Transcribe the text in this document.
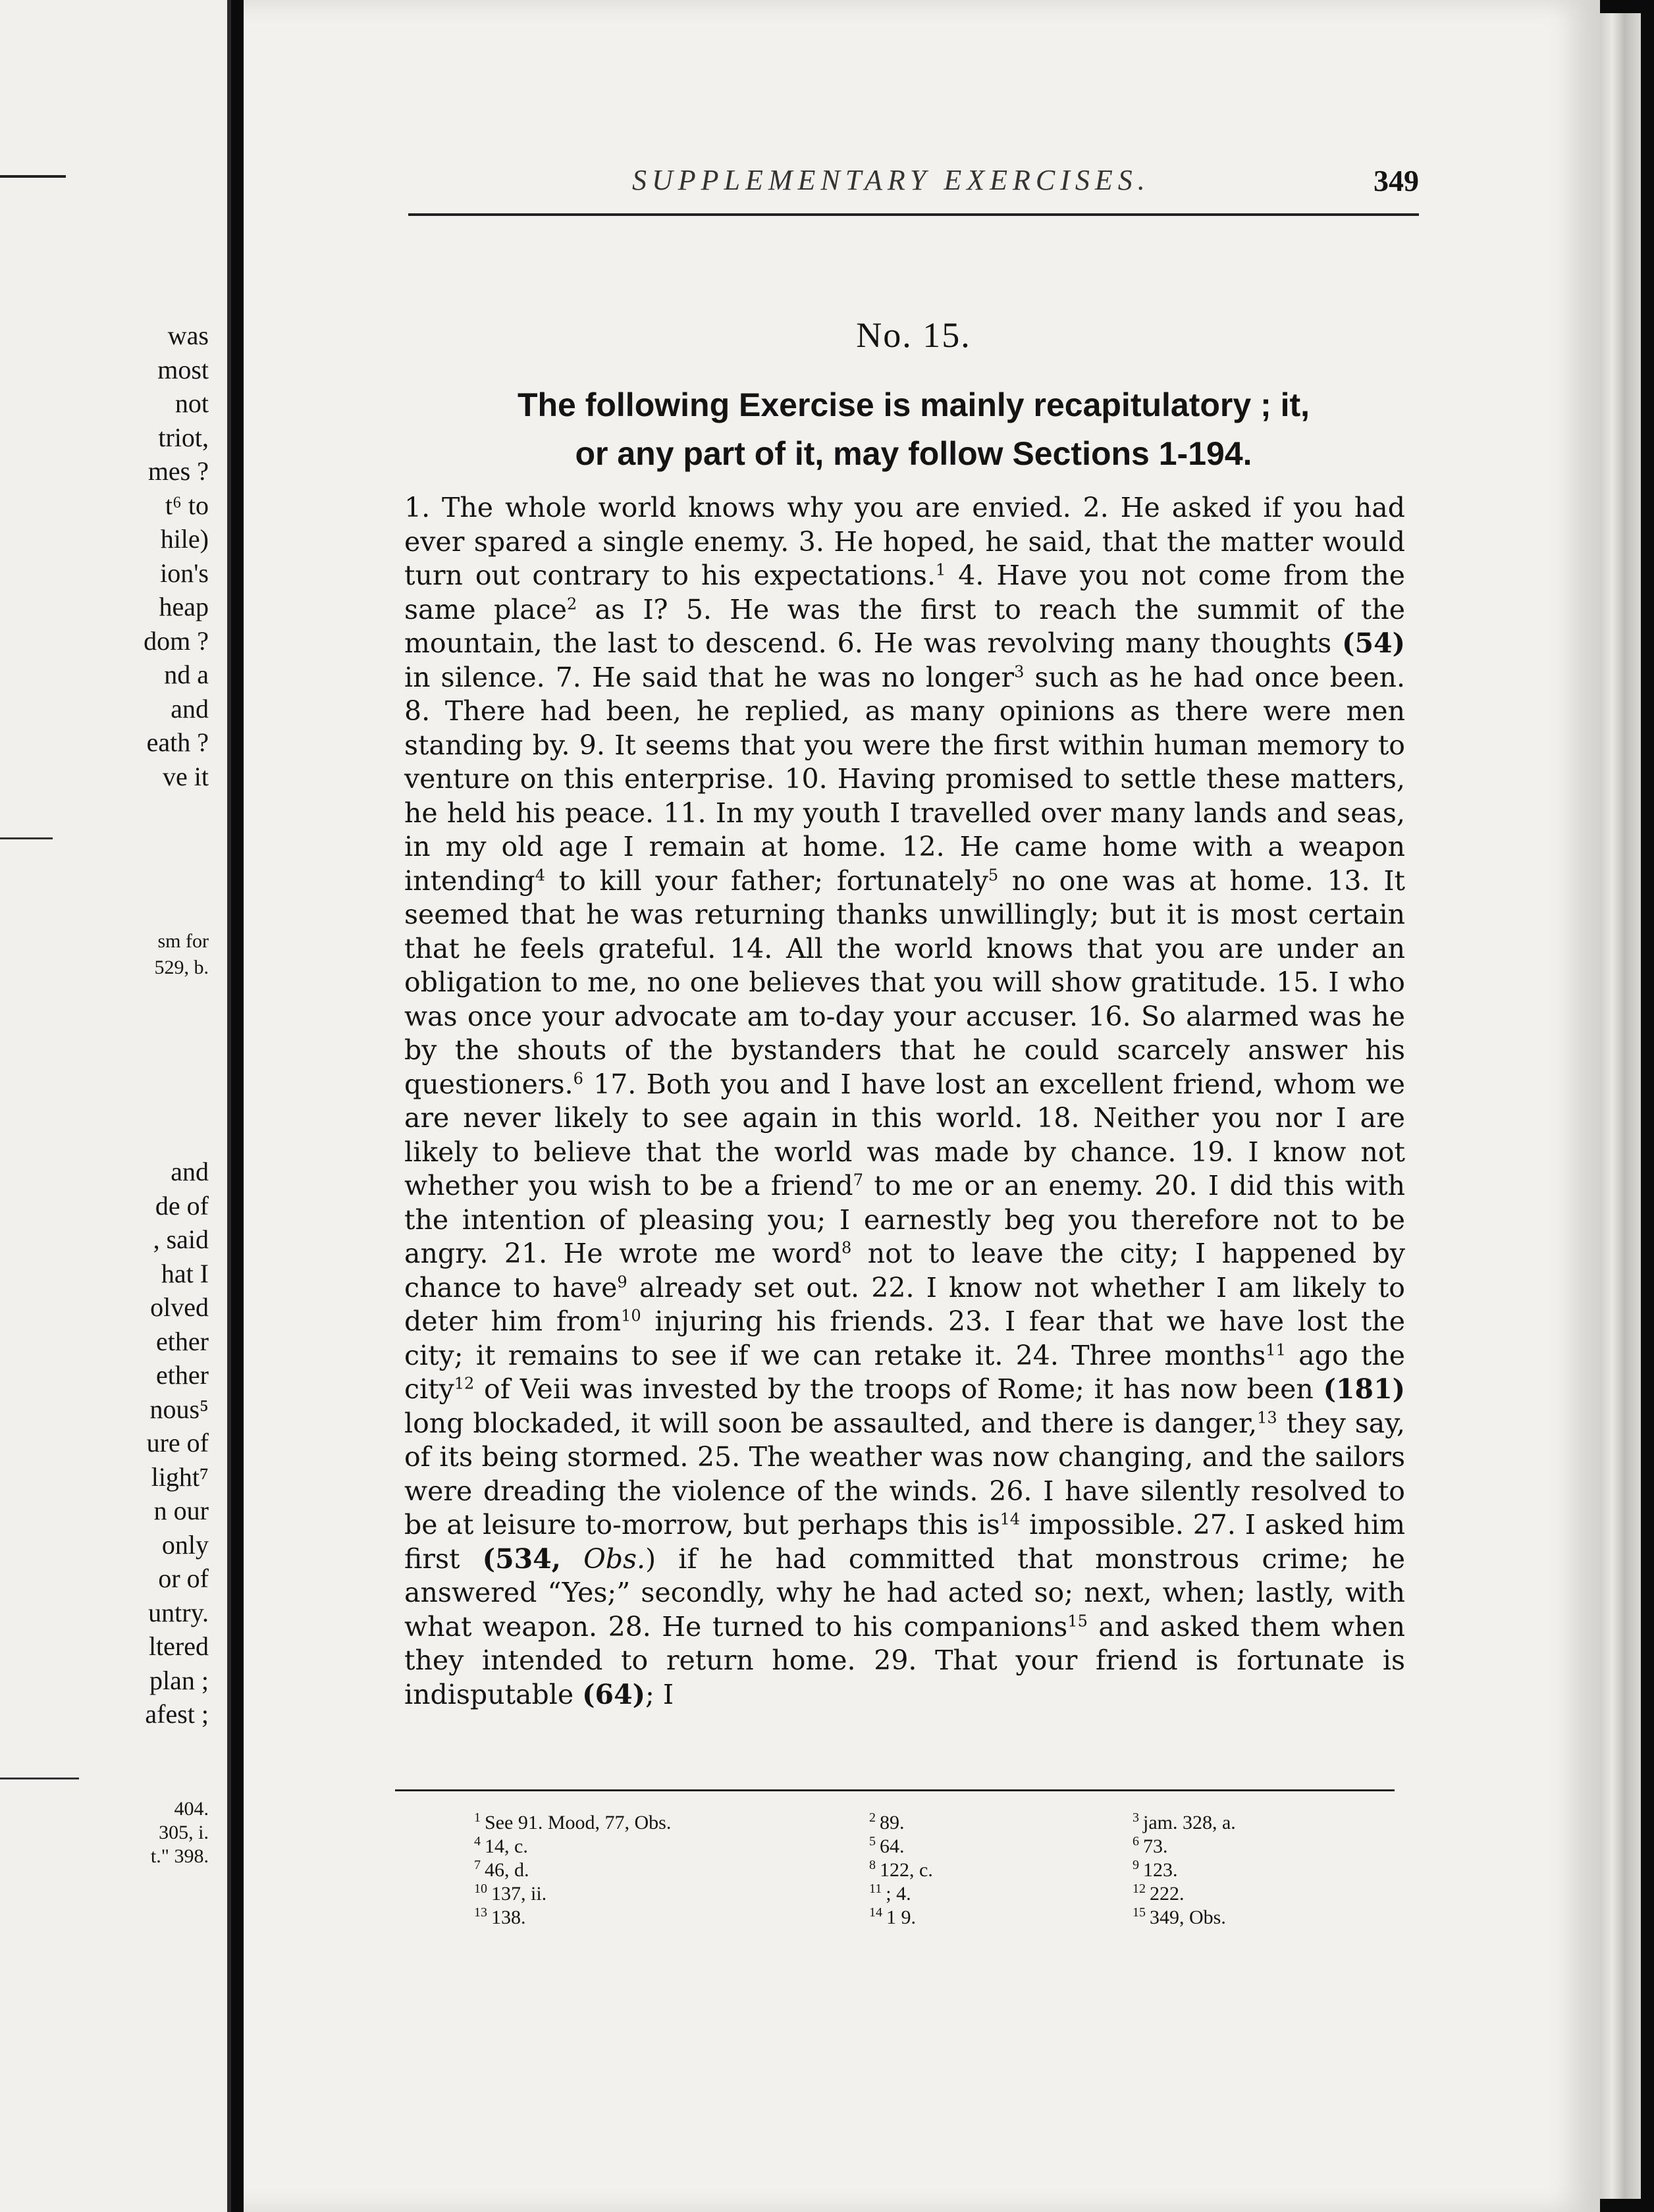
was
most
not
triot,
mes ?
t⁶ to
hile)
ion's
heap
dom ?
nd a
and
eath ?
ve it
sm for
529, b.
and
de of
, said
hat I
olved
ether
ether
nous⁵
ure of
light⁷
n our
only
or of
untry.
ltered
plan ;
afest ;
404.
305, i.
t." 398.
SUPPLEMENTARY EXERCISES.	349
No. 15.
The following Exercise is mainly recapitulatory ; it,
or any part of it, may follow Sections 1-194.
1. The whole world knows why you are envied. 2. He asked if you had ever spared a single enemy. 3. He hoped, he said, that the matter would turn out contrary to his expectations.$^1$ 4. Have you not come from the same place$^2$ as I? 5. He was the first to reach the summit of the mountain, the last to descend. 6. He was revolving many thoughts (54) in silence. 7. He said that he was no longer$^3$ such as he had once been. 8. There had been, he replied, as many opinions as there were men standing by. 9. It seems that you were the first within human memory to venture on this enterprise. 10. Having promised to settle these matters, he held his peace. 11. In my youth I travelled over many lands and seas, in my old age I remain at home. 12. He came home with a weapon intending$^4$ to kill your father; fortunately$^5$ no one was at home. 13. It seemed that he was returning thanks unwillingly; but it is most certain that he feels grateful. 14. All the world knows that you are under an obligation to me, no one believes that you will show gratitude. 15. I who was once your advocate am to-day your accuser. 16. So alarmed was he by the shouts of the bystanders that he could scarcely answer his questioners.$^6$ 17. Both you and I have lost an excellent friend, whom we are never likely to see again in this world. 18. Neither you nor I are likely to believe that the world was made by chance. 19. I know not whether you wish to be a friend$^7$ to me or an enemy. 20. I did this with the intention of pleasing you; I earnestly beg you therefore not to be angry. 21. He wrote me word$^8$ not to leave the city; I happened by chance to have$^9$ already set out. 22. I know not whether I am likely to deter him from$^{10}$ injuring his friends. 23. I fear that we have lost the city; it remains to see if we can retake it. 24. Three months$^{11}$ ago the city$^{12}$ of Veii was invested by the troops of Rome; it has now been (181) long blockaded, it will soon be assaulted, and there is danger,$^{13}$ they say, of its being stormed. 25. The weather was now changing, and the sailors were dreading the violence of the winds. 26. I have silently resolved to be at leisure to-morrow, but perhaps this $is^{14}$ impossible. 27. I asked him first (534, Obs.) if he had committed that monstrous crime; he answered “Yes;” secondly, why he had acted so; next, when; lastly, with what weapon. 28. He turned to his companions$^{15}$ and asked them when they intended to return home. 29. That your friend is fortunate is indisputable (64); I
$^1$ See 91. Mood, 77, Obs.	$^2$ 89.	$^3$ jam. 328, a.
$^4$ 14, c.	$^5$ 64.	$^6$ 73.
$^7$ 46, d.	$^8$ 122, c.	$^9$ 123.
$^{10}$ 137, ii.	$^{11}$ ; 4.	$^{12}$ 222.
$^{13}$ 138.	$^{14}$ 1 9.	$^{15}$ 349, Obs.
